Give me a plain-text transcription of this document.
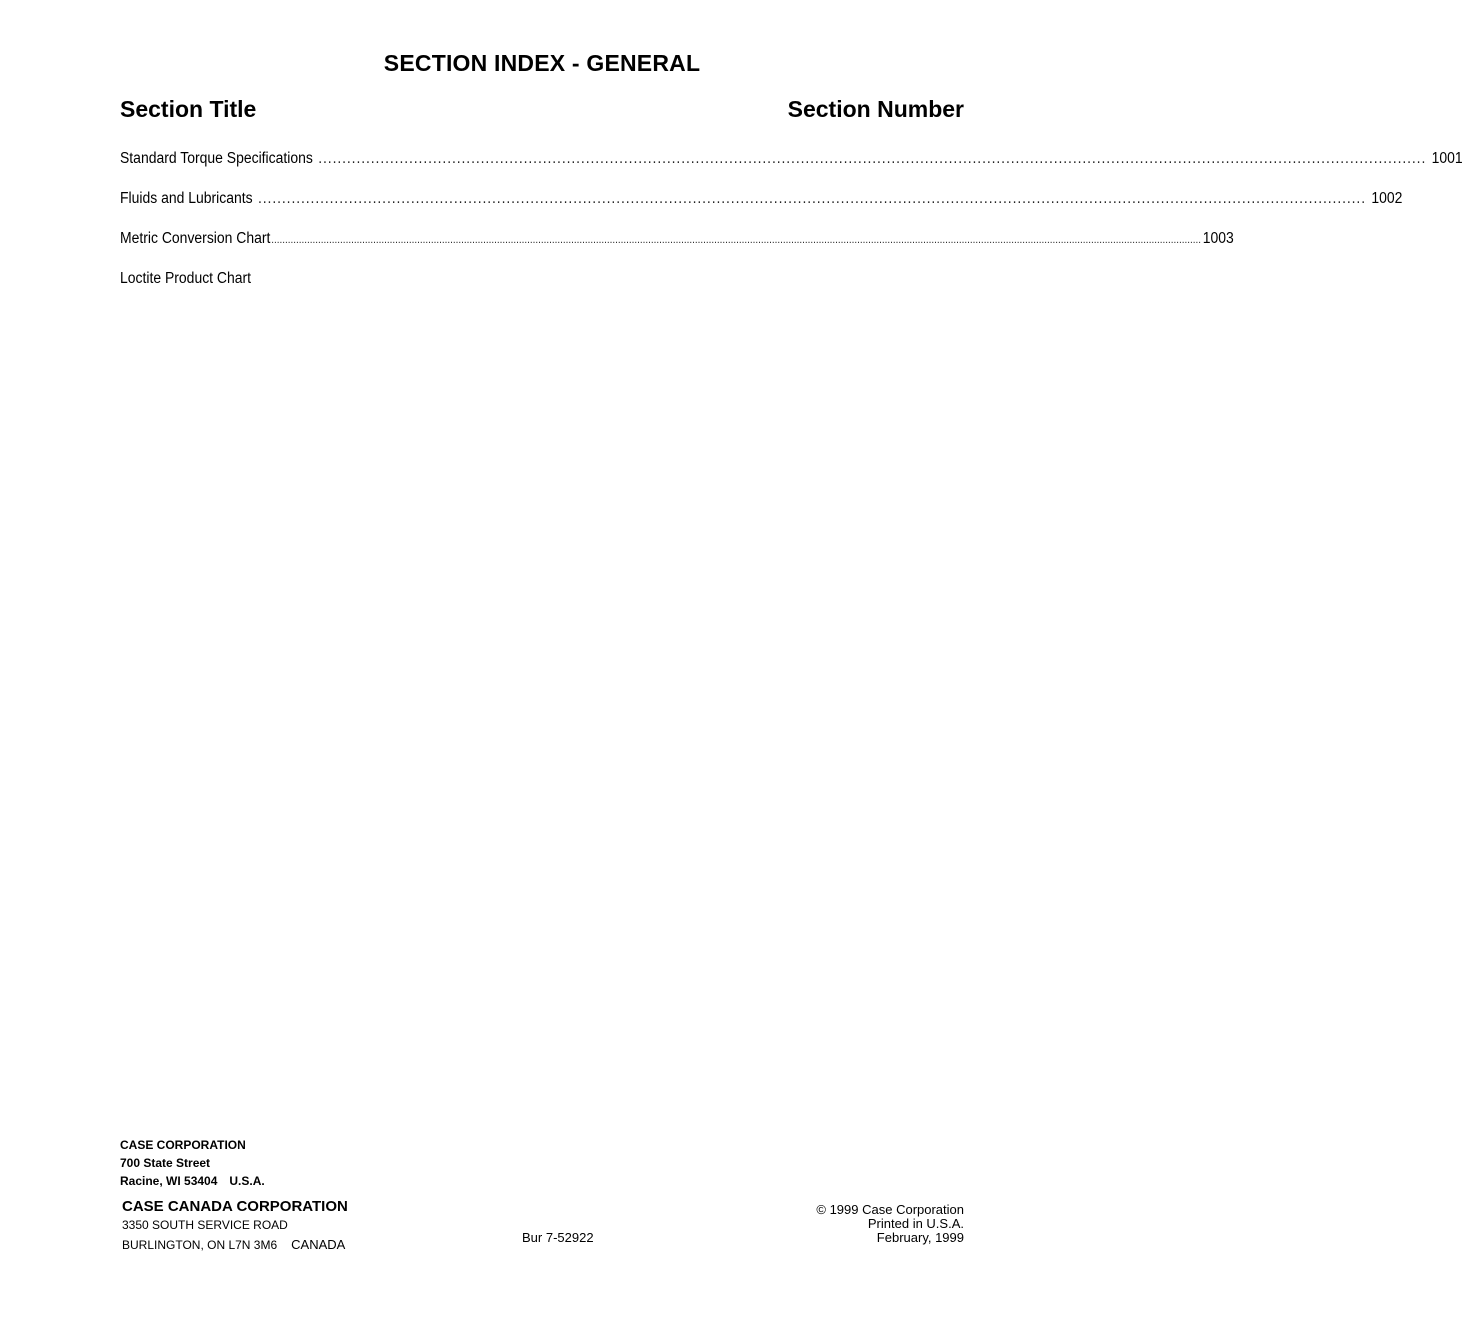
SECTION INDEX - GENERAL
Section Title	Section Number
Standard Torque Specifications ........................................................................................................................................................................................................................................ 1001
Fluids and Lubricants ........................................................................................................................................................................................................................................ 1002
Metric Conversion Chart .................................................................................................................................................................................................................................................................................................................................................. 1003
Loctite Product Chart
CASE CORPORATION
700 State Street
Racine, WI 53404 U.S.A.
CASE CANADA CORPORATION
3350 SOUTH SERVICE ROAD
BURLINGTON, ON L7N 3M6 CANADA	Bur 7-52922
© 1999 Case Corporation
Printed in U.S.A.
February, 1999
